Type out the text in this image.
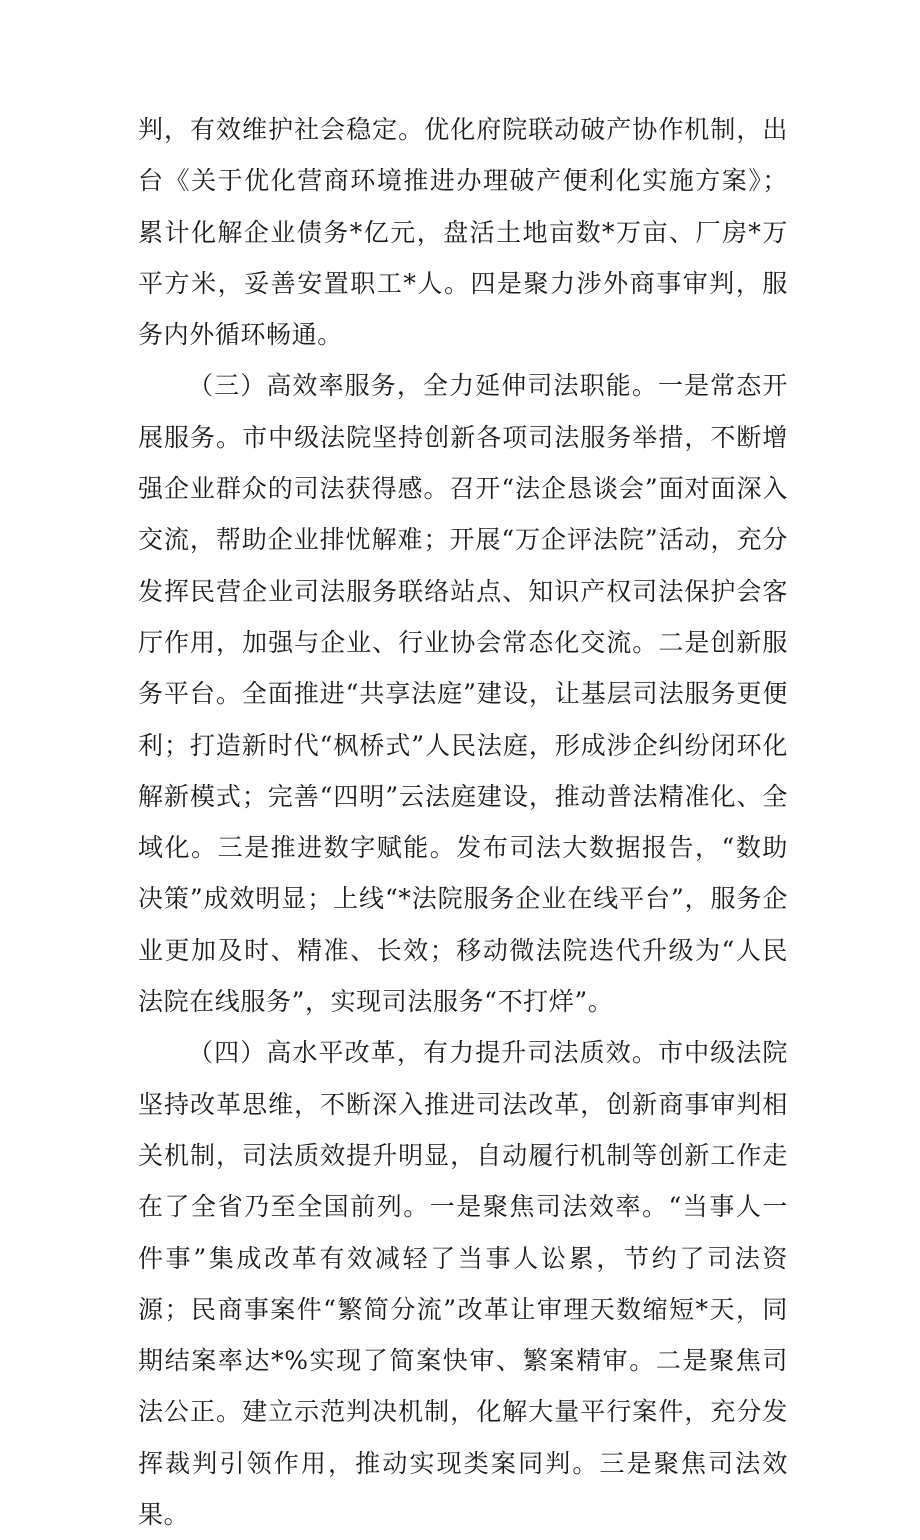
判，有效维护社会稳定。优化府院联动破产协作机制，出台《关于优化营商环境推进办理破产便利化实施方案》；累计化解企业债务*亿元，盘活土地亩数*万亩、厂房*万平方米，妥善安置职工*人。四是聚力涉外商事审判，服务内外循环畅通。

（三）高效率服务，全力延伸司法职能。一是常态开展服务。市中级法院坚持创新各项司法服务举措，不断增强企业群众的司法获得感。召开“法企恳谈会”面对面深入交流，帮助企业排忧解难；开展“万企评法院”活动，充分发挥民营企业司法服务联络站点、知识产权司法保护会客厅作用，加强与企业、行业协会常态化交流。二是创新服务平台。全面推进“共享法庭”建设，让基层司法服务更便利；打造新时代“枫桥式”人民法庭，形成涉企纠纷闭环化解新模式；完善“四明”云法庭建设，推动普法精准化、全域化。三是推进数字赋能。发布司法大数据报告，“数助决策”成效明显；上线“*法院服务企业在线平台”，服务企业更加及时、精准、长效；移动微法院迭代升级为“人民法院在线服务”，实现司法服务“不打烊”。

（四）高水平改革，有力提升司法质效。市中级法院坚持改革思维，不断深入推进司法改革，创新商事审判相关机制，司法质效提升明显，自动履行机制等创新工作走在了全省乃至全国前列。一是聚焦司法效率。“当事人一件事”集成改革有效减轻了当事人讼累，节约了司法资源；民商事案件“繁简分流”改革让审理天数缩短*天，同期结案率达*%实现了简案快审、繁案精审。二是聚焦司法公正。建立示范判决机制，化解大量平行案件，充分发挥裁判引领作用，推动实现类案同判。三是聚焦司法效果。
